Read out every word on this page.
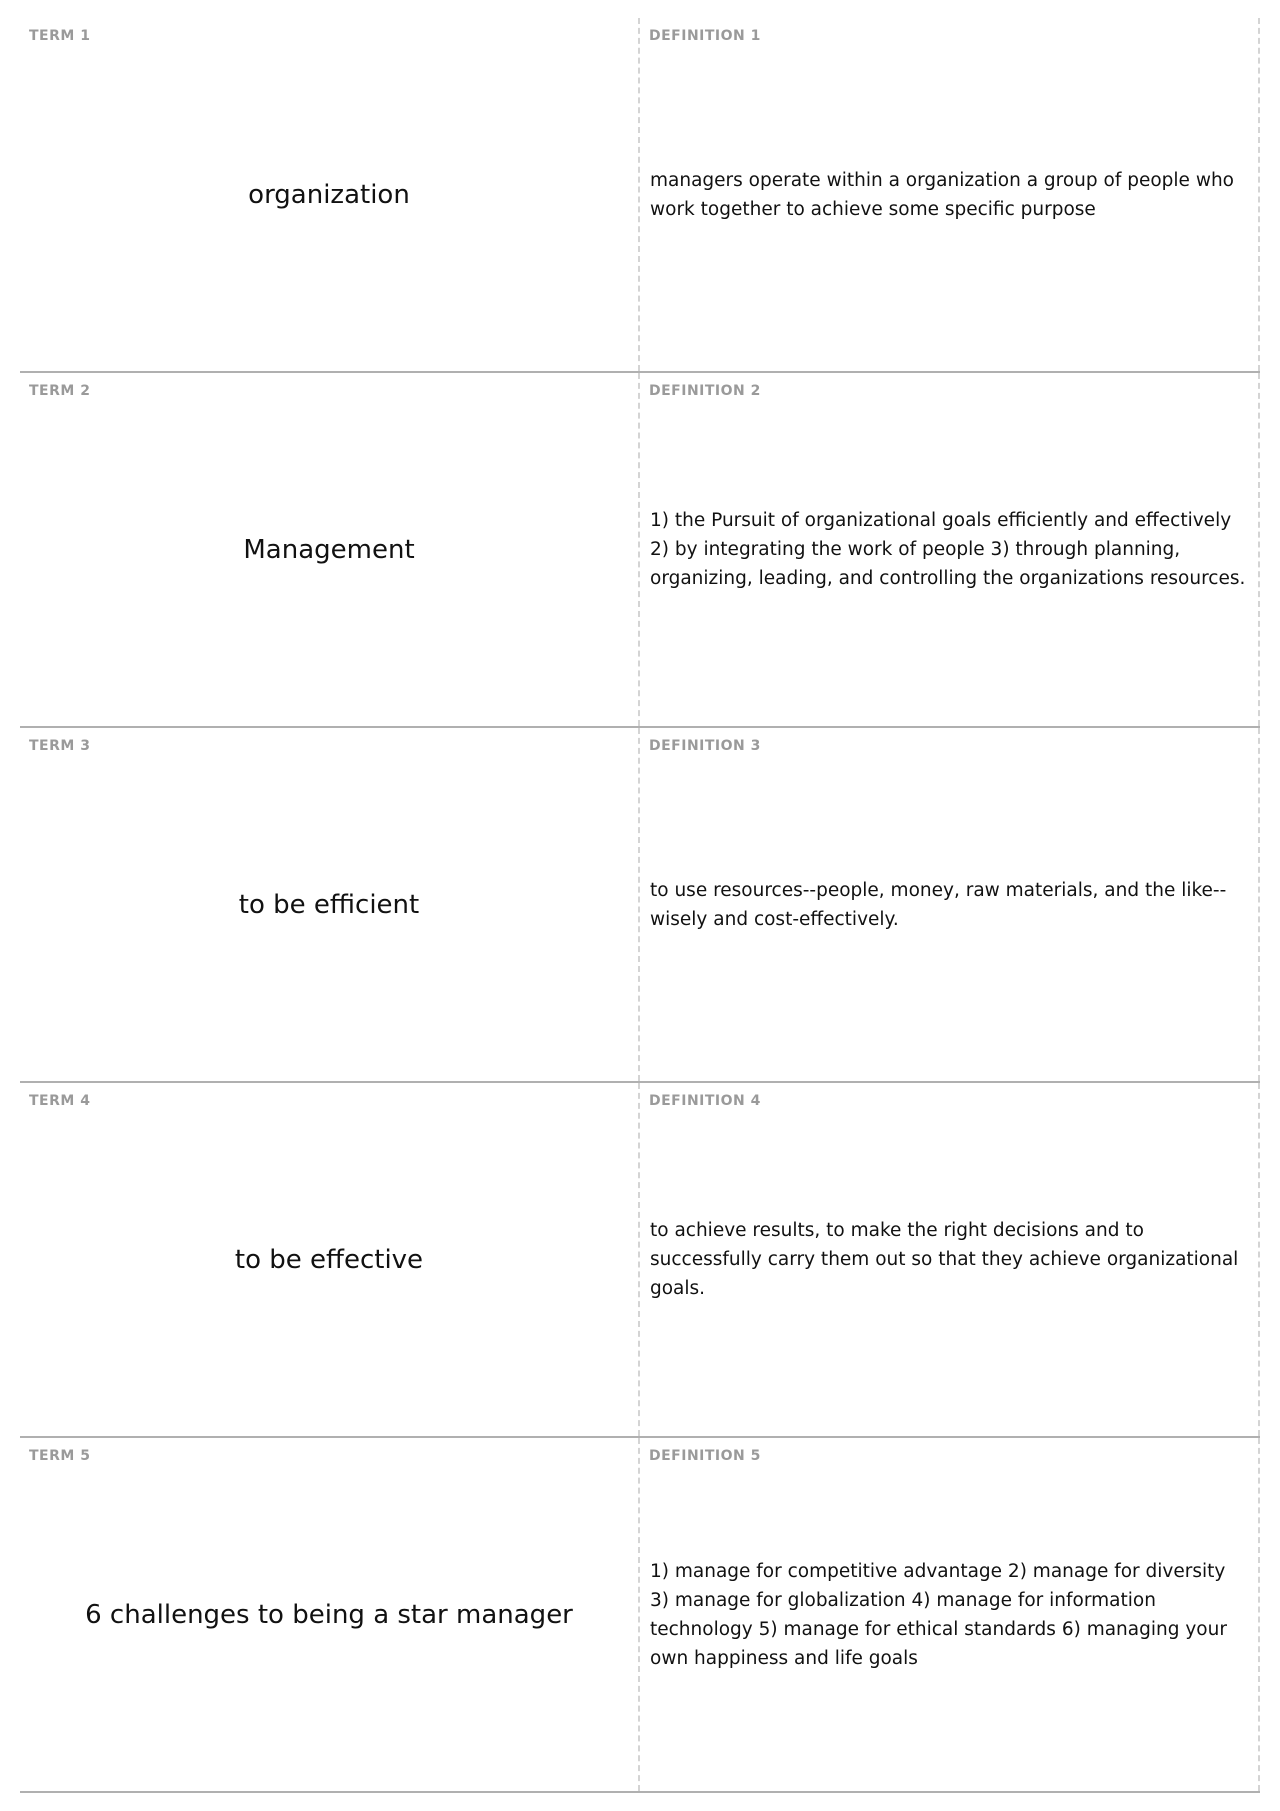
TERM 1
organization
DEFINITION 1
managers operate within a organization a group of people who work together to achieve some specific purpose
TERM 2
Management
DEFINITION 2
1) the Pursuit of organizational goals efficiently and effectively 2) by integrating the work of people 3) through planning, organizing, leading, and controlling the organizations resources.
TERM 3
to be efficient
DEFINITION 3
to use resources--people, money, raw materials, and the like-- wisely and cost-effectively.
TERM 4
to be effective
DEFINITION 4
to achieve results, to make the right decisions and to successfully carry them out so that they achieve organizational goals.
TERM 5
6 challenges to being a star manager
DEFINITION 5
1) manage for competitive advantage 2) manage for diversity 3) manage for globalization 4) manage for information technology 5) manage for ethical standards 6) managing your own happiness and life goals
